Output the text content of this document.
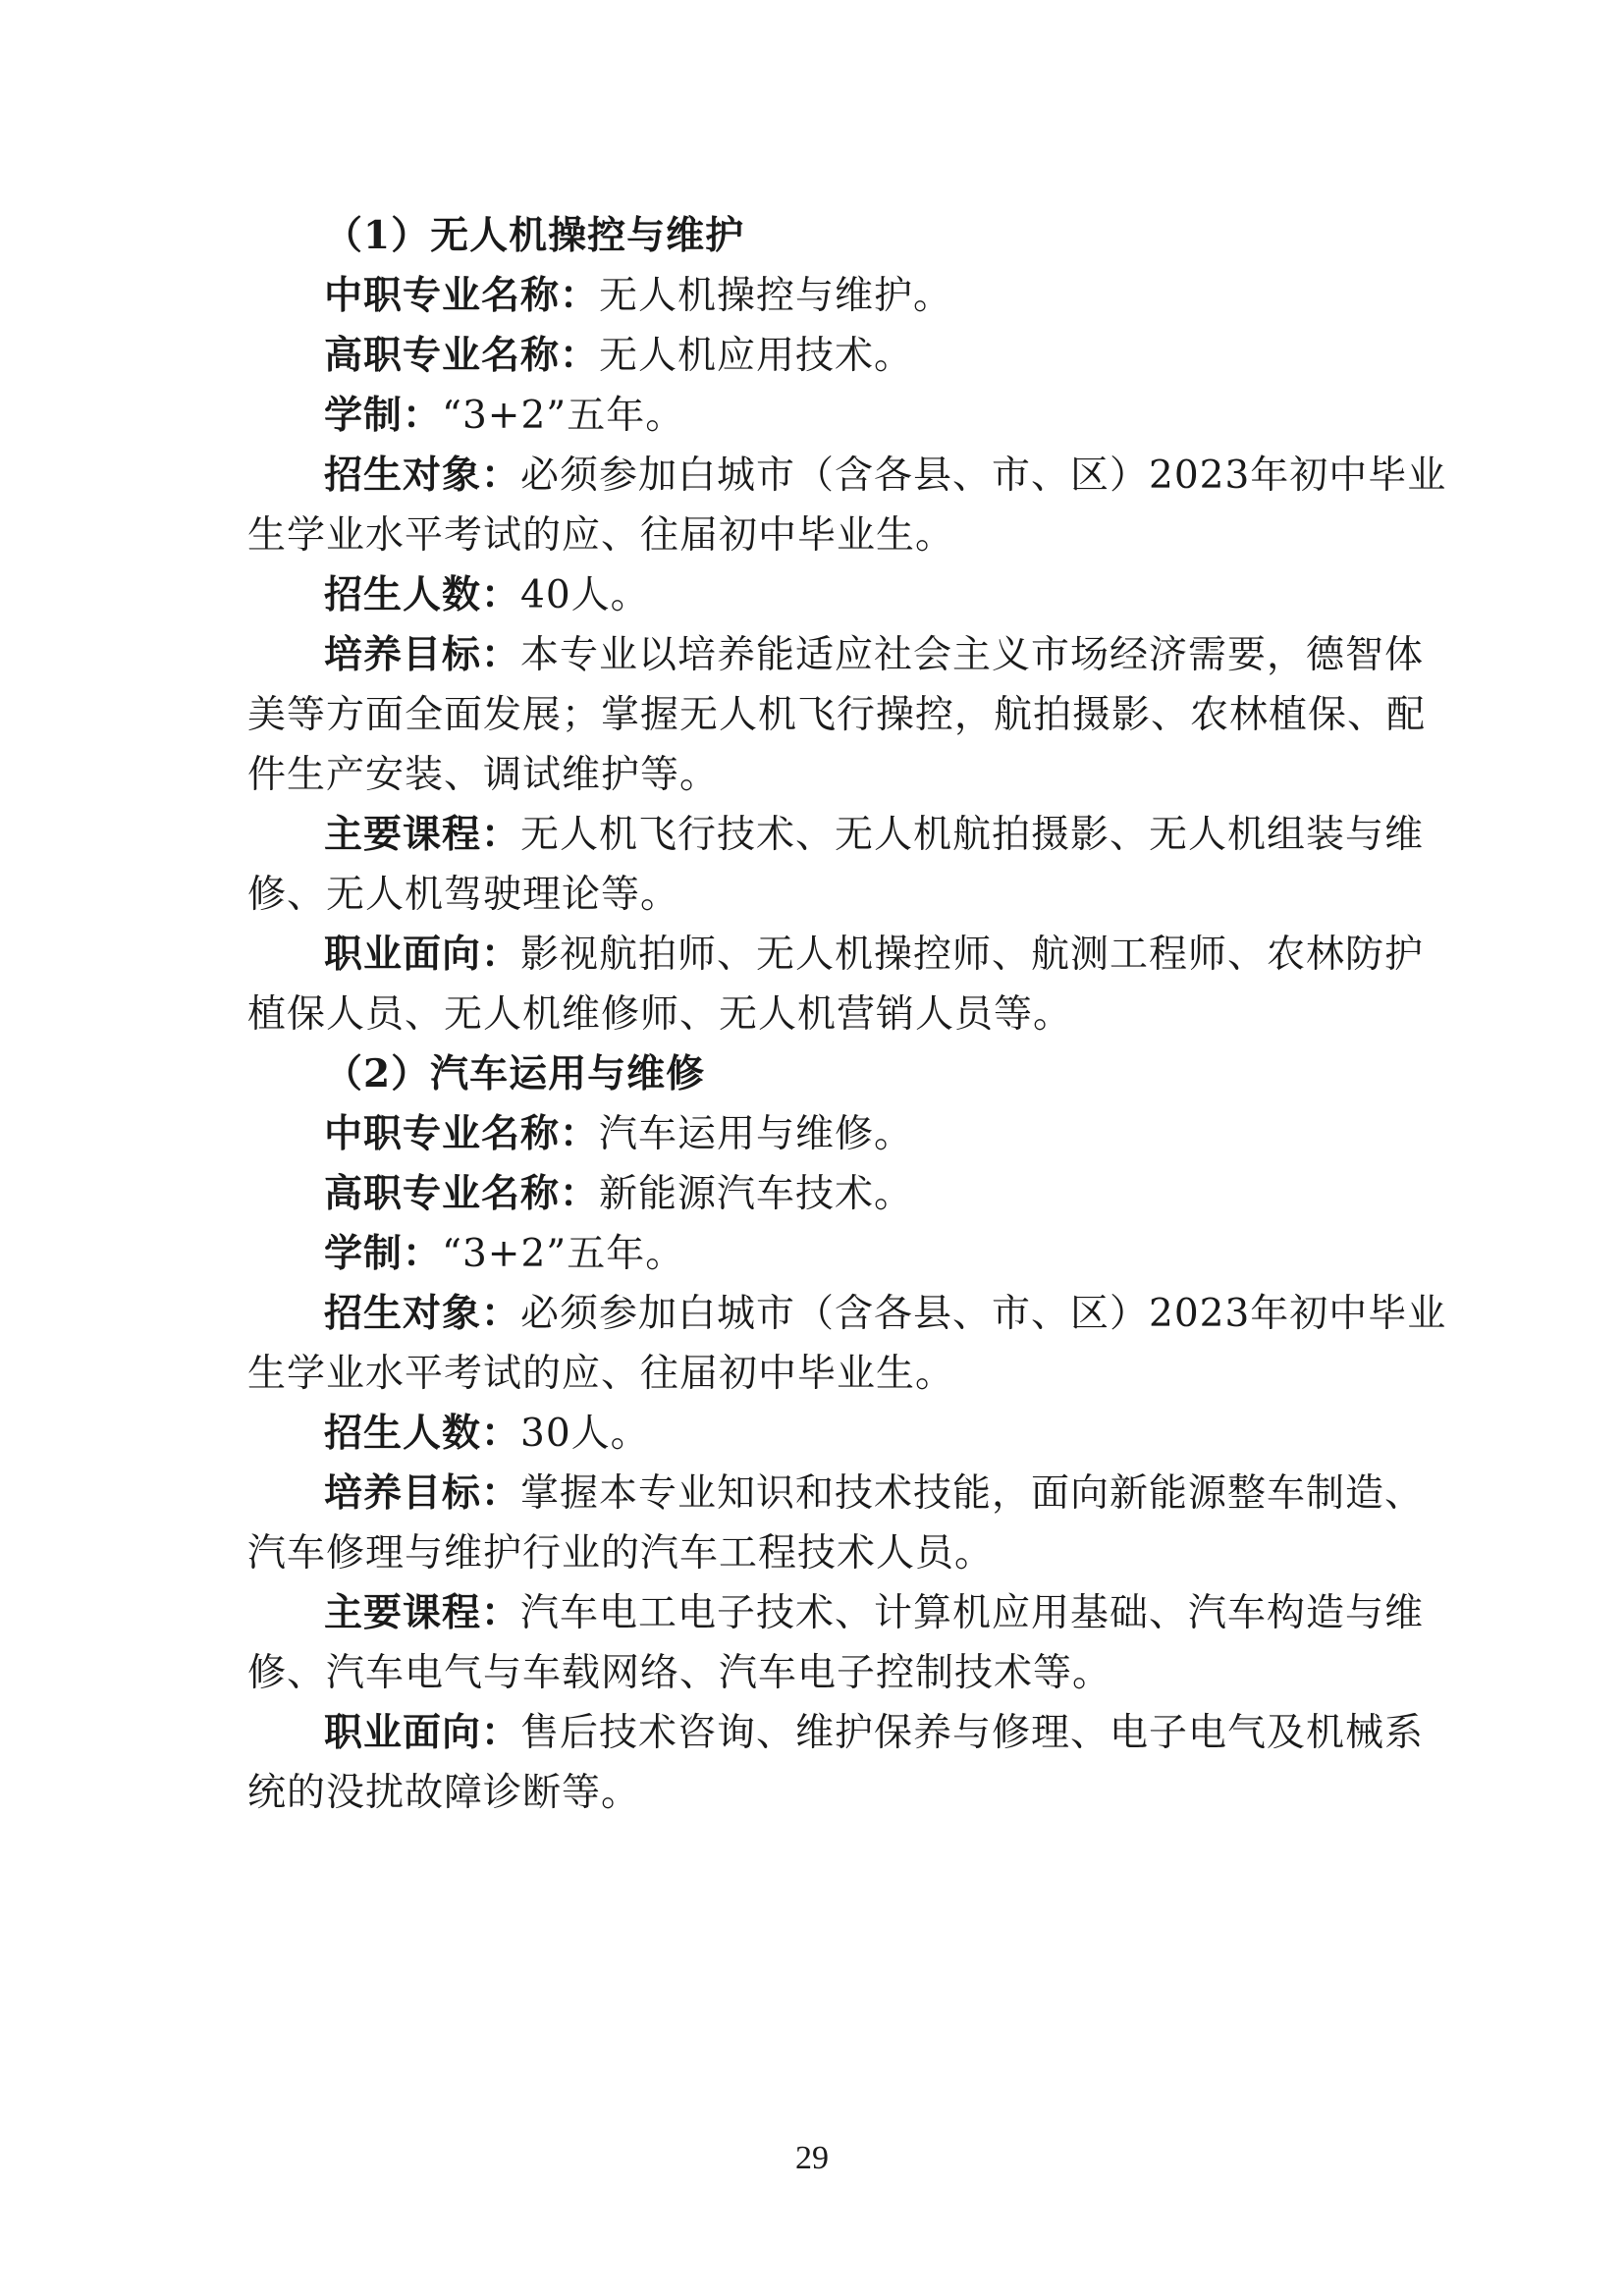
（1）无人机操控与维护
中职专业名称：无人机操控与维护。
高职专业名称：无人机应用技术。
学制：“3+2”五年。
招生对象：必须参加白城市（含各县、市、区）2023年初中毕业
生学业水平考试的应、往届初中毕业生。
招生人数：40人。
培养目标：本专业以培养能适应社会主义市场经济需要，德智体
美等方面全面发展；掌握无人机飞行操控，航拍摄影、农林植保、配
件生产安装、调试维护等。
主要课程：无人机飞行技术、无人机航拍摄影、无人机组装与维
修、无人机驾驶理论等。
职业面向：影视航拍师、无人机操控师、航测工程师、农林防护
植保人员、无人机维修师、无人机营销人员等。
（2）汽车运用与维修
中职专业名称：汽车运用与维修。
高职专业名称：新能源汽车技术。
学制：“3+2”五年。
招生对象：必须参加白城市（含各县、市、区）2023年初中毕业
生学业水平考试的应、往届初中毕业生。
招生人数：30人。
培养目标：掌握本专业知识和技术技能，面向新能源整车制造、
汽车修理与维护行业的汽车工程技术人员。
主要课程：汽车电工电子技术、计算机应用基础、汽车构造与维
修、汽车电气与车载网络、汽车电子控制技术等。
职业面向：售后技术咨询、维护保养与修理、电子电气及机械系
统的没扰故障诊断等。
29
